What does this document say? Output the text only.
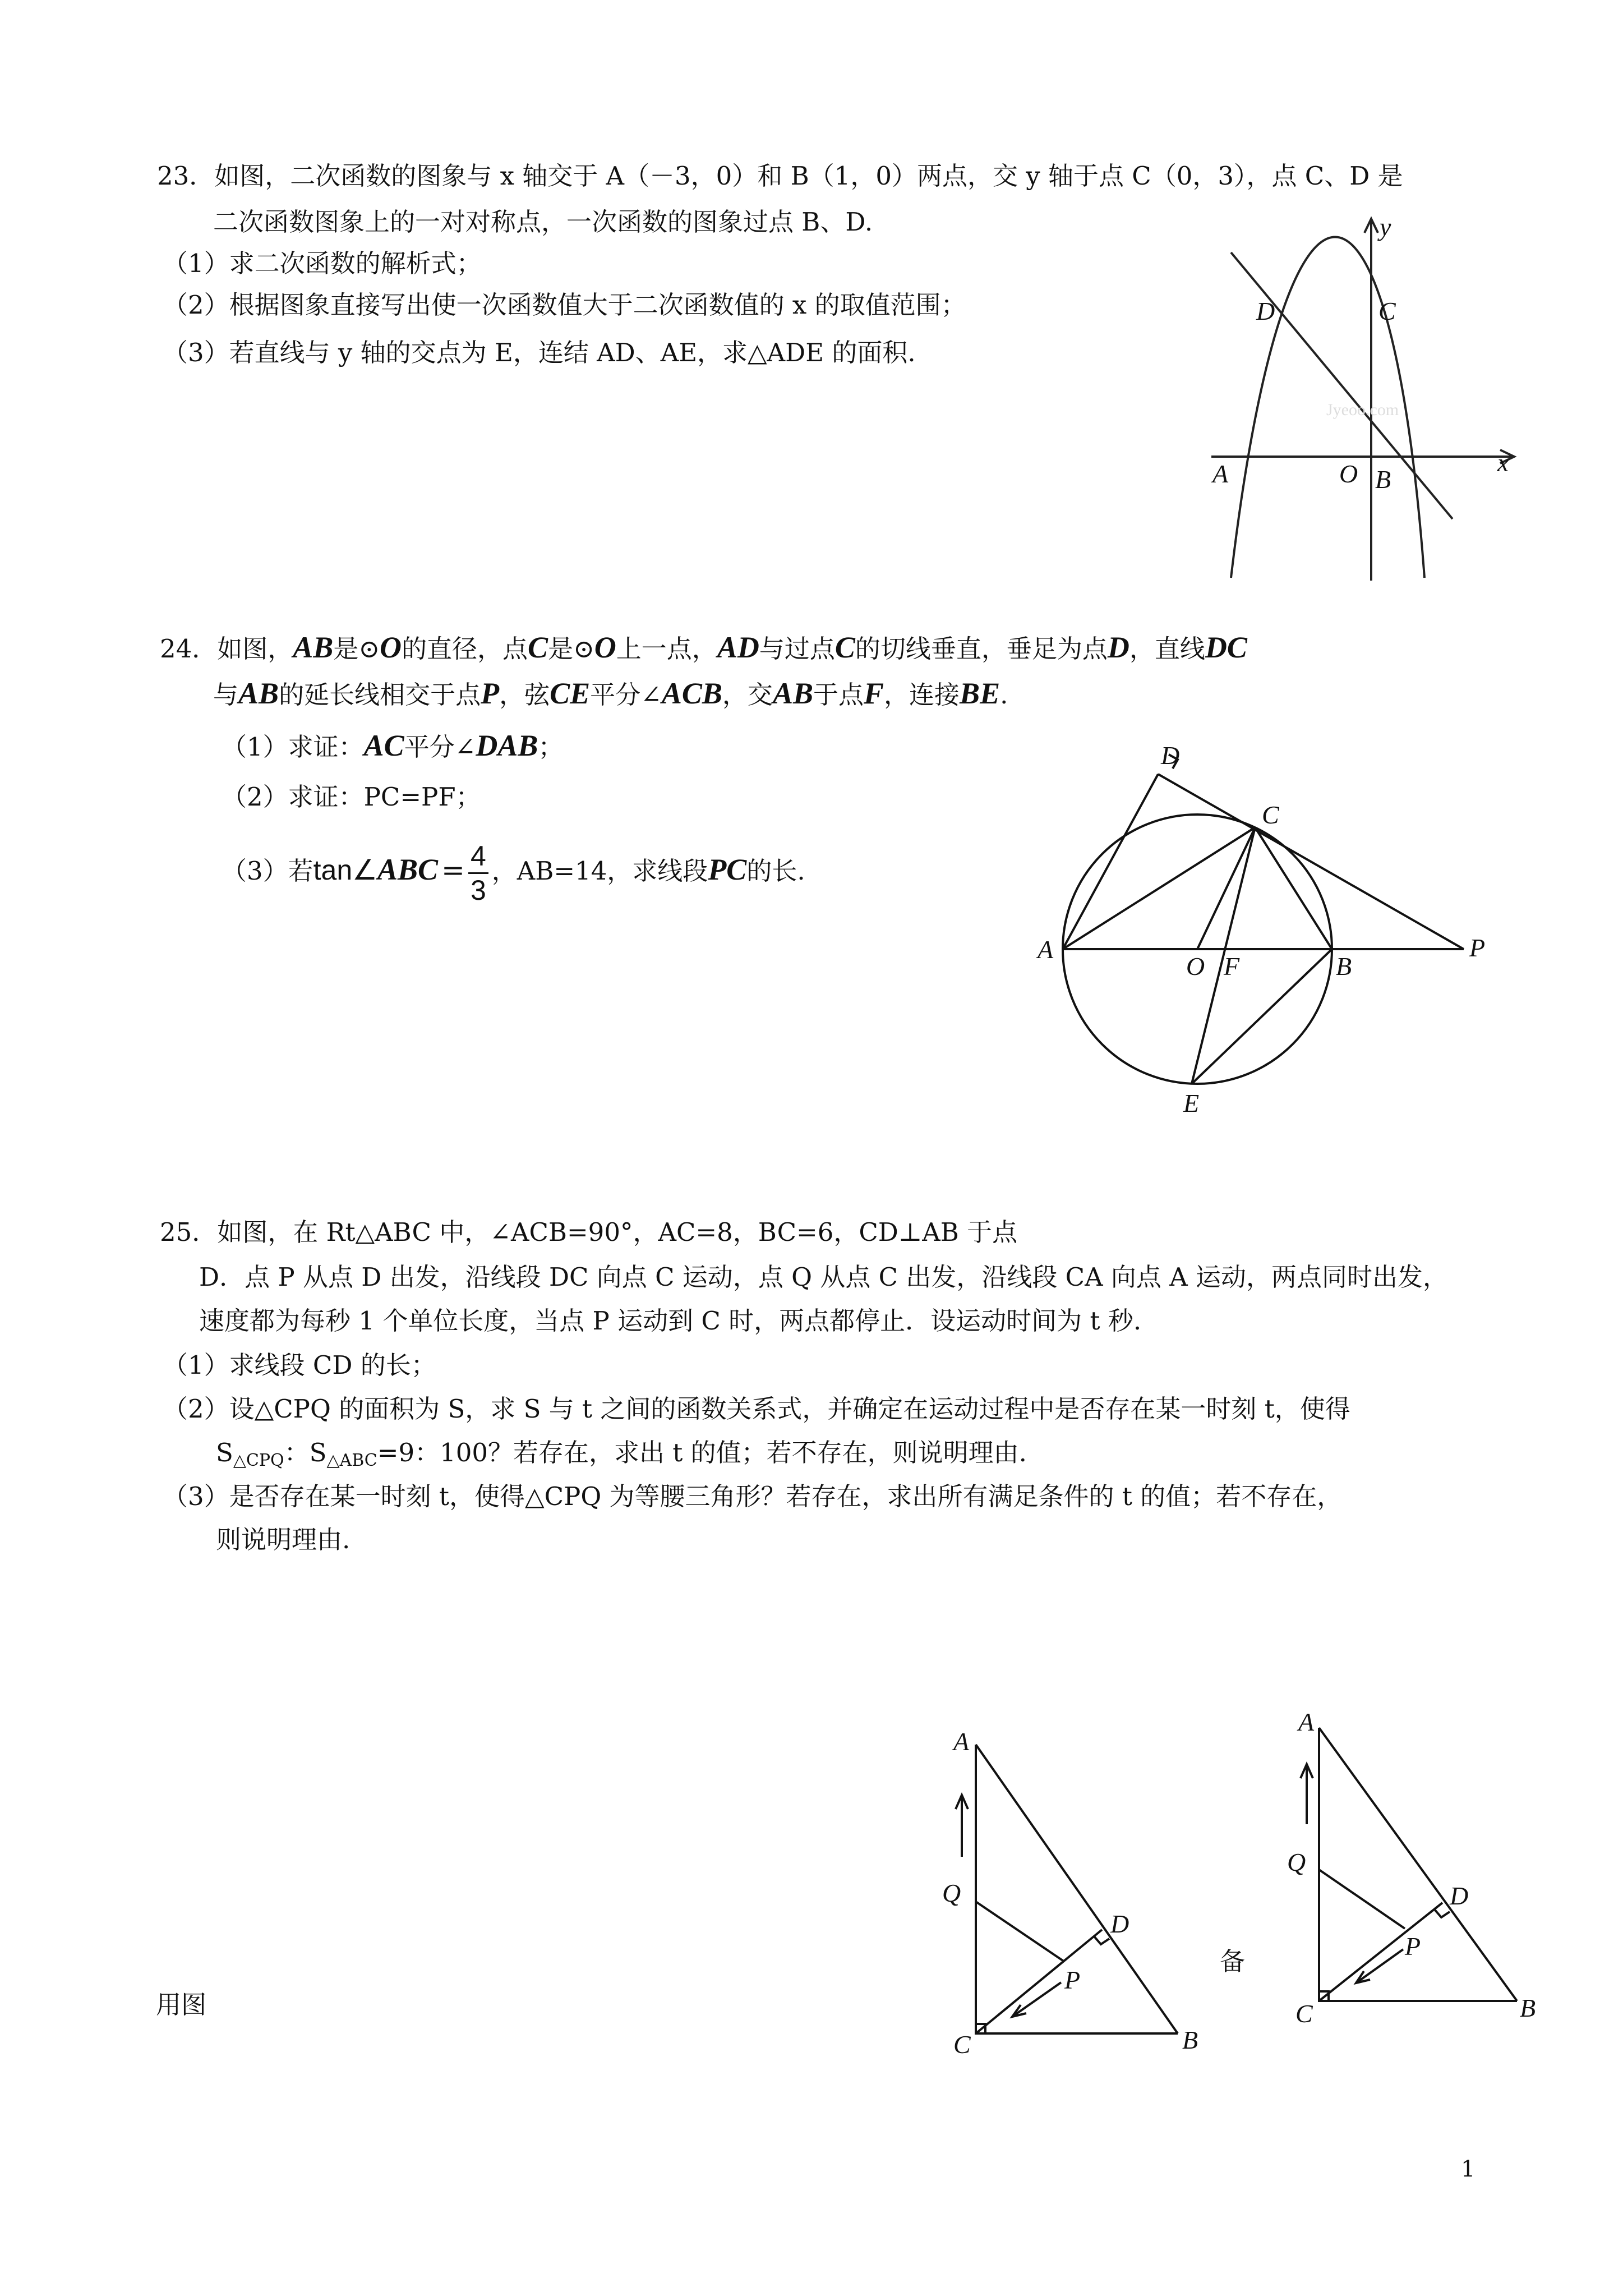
23．如图，二次函数的图象与 x 轴交于 A（－3，0）和 B（1，0）两点，交 y 轴于点 C（0，3），点 C、D 是
二次函数图象上的一对对称点，一次函数的图象过点 B、D.
（1）求二次函数的解析式；
（2）根据图象直接写出使一次函数值大于二次函数值的 x 的取值范围；
（3）若直线与 y 轴的交点为 E，连结 AD、AE，求△ADE 的面积.
y
x
C
D
A	O B
Jyeoo.com
24．如图，AB是⊙O的直径，点C是⊙O上一点，AD与过点C的切线垂直，垂足为点D，直线DC
与AB的延长线相交于点P，弦CE平分∠ACB，交AB于点F，连接BE.
（1）求证：AC平分∠DAB；
（2）求证：PC=PF；
（3）若tan∠ABC = $\frac{4}{3}$ ，AB=14，求线段PC的长.
D
C
A
O F	B
P
E
25．如图，在 Rt△ABC 中，∠ACB=90°，AC=8，BC=6，CD⊥AB 于点
D．点 P 从点 D 出发，沿线段 DC 向点 C 运动，点 Q 从点 C 出发，沿线段 CA 向点 A 运动，两点同时出发，
速度都为每秒 1 个单位长度，当点 P 运动到 C 时，两点都停止．设运动时间为 t 秒.
（1）求线段 CD 的长；
（2）设△CPQ 的面积为 S，求 S 与 t 之间的函数关系式，并确定在运动过程中是否存在某一时刻 t，使得
$S_{\triangle CPQ}$：$S_{\triangle ABC}=9$：100？若存在，求出 t 的值；若不存在，则说明理由.
（3）是否存在某一时刻 t，使得△CPQ 为等腰三角形？若存在，求出所有满足条件的 t 的值；若不存在，
则说明理由.
用图
备
A
Q
D
P
C	B
A
Q
D
P
C	B
1
